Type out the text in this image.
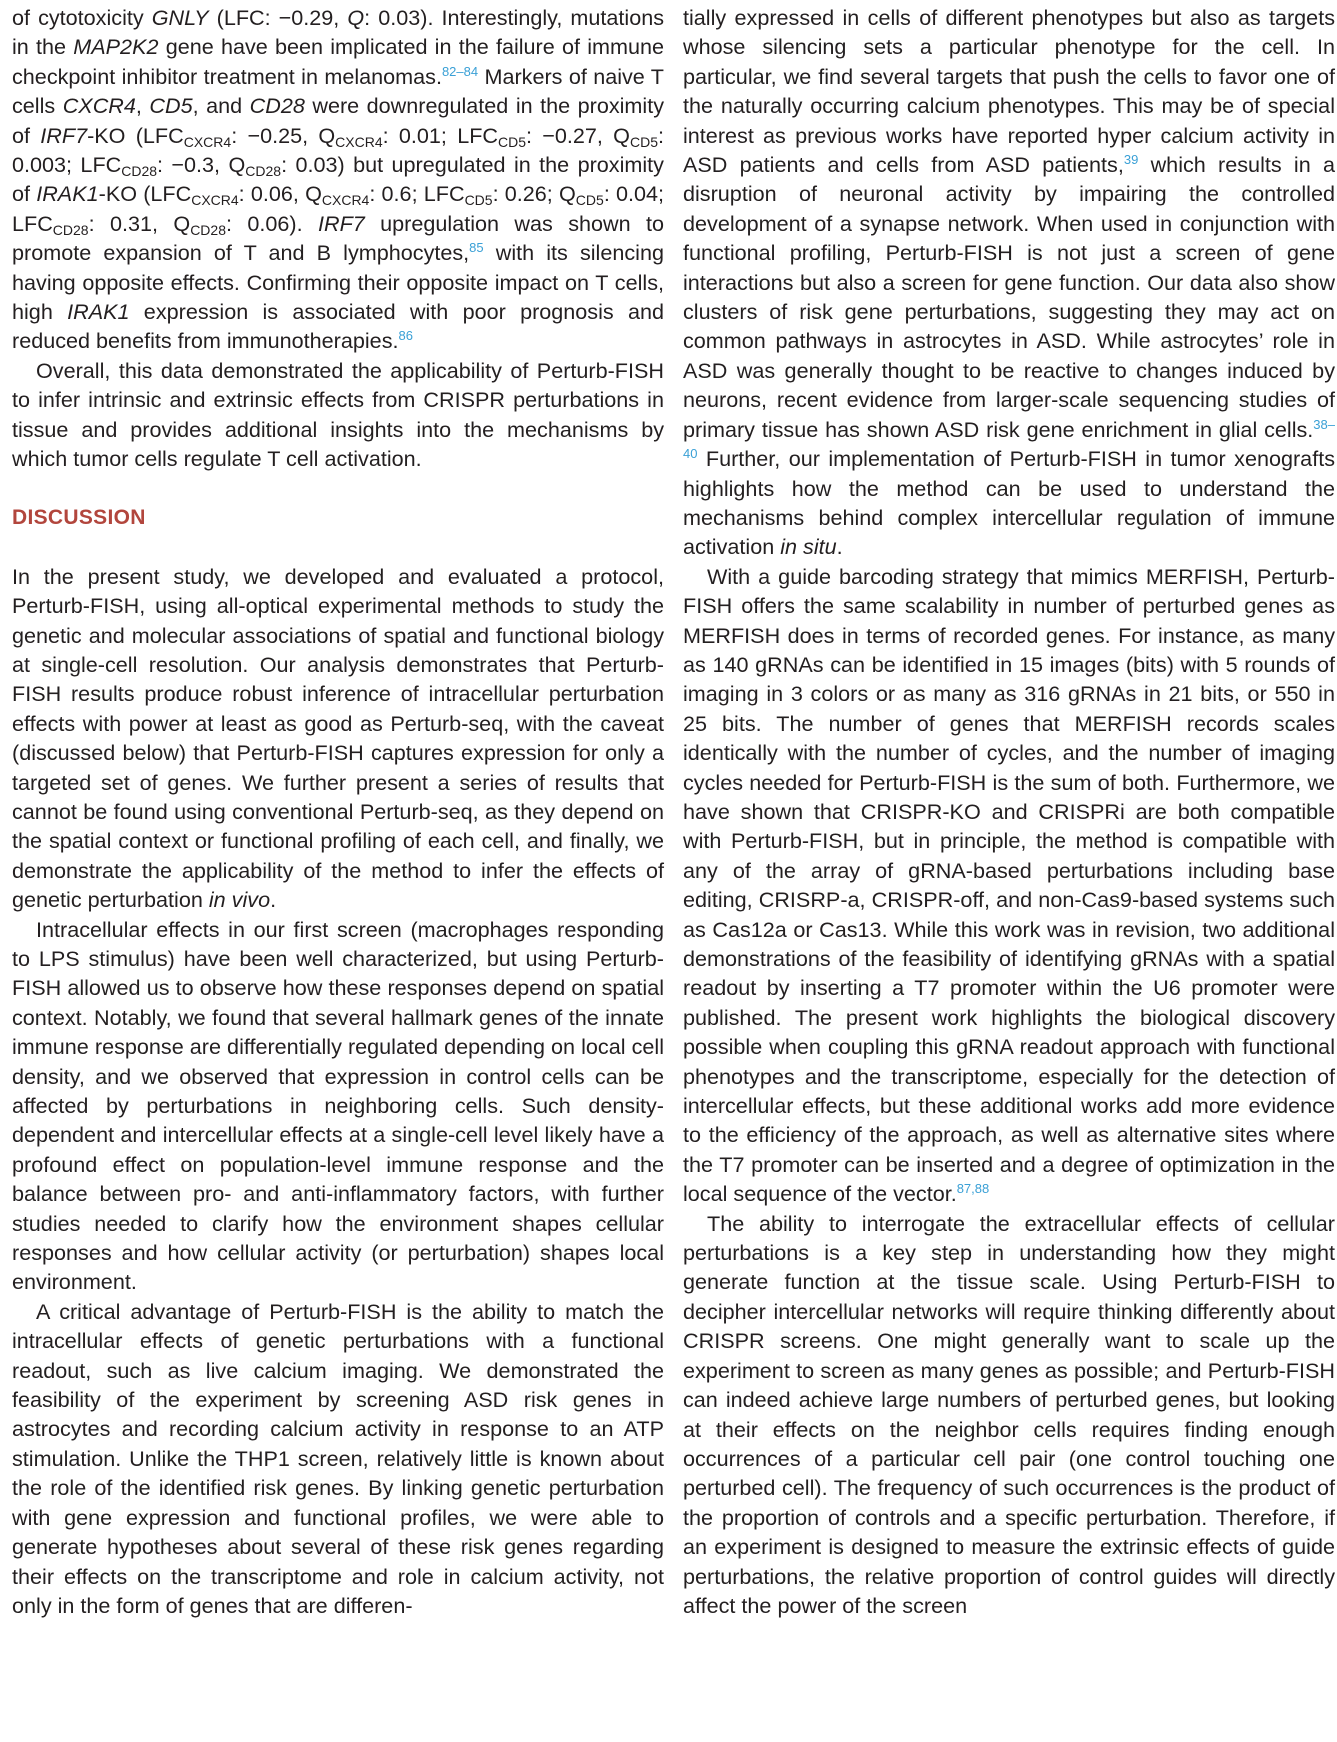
of cytotoxicity GNLY (LFC: −0.29, Q: 0.03). Interestingly, mutations in the MAP2K2 gene have been implicated in the failure of immune checkpoint inhibitor treatment in melanomas.$^{82-84}$ Markers of naive T cells CXCR4, CD5, and CD28 were downregulated in the proximity of IRF7-KO ($LFC_{CXCR4}$: −0.25, $Q_{CXCR4}$: 0.01; $LFC_{CD5}$: −0.27, $Q_{CD5}$: 0.003; $LFC_{CD28}$: −0.3, $Q_{CD28}$: 0.03) but upregulated in the proximity of IRAK1-KO ($LFC_{CXCR4}$: 0.06, $Q_{CXCR4}$: 0.6; $LFC_{CD5}$: 0.26; $Q_{CD5}$: 0.04; $LFC_{CD28}$: 0.31, $Q_{CD28}$: 0.06). IRF7 upregulation was shown to promote expansion of T and B lymphocytes,$^{85}$ with its silencing having opposite effects. Confirming their opposite impact on T cells, high IRAK1 expression is associated with poor prognosis and reduced benefits from immunotherapies.$^{86}$

Overall, this data demonstrated the applicability of Perturb-FISH to infer intrinsic and extrinsic effects from CRISPR perturbations in tissue and provides additional insights into the mechanisms by which tumor cells regulate T cell activation.

DISCUSSION

In the present study, we developed and evaluated a protocol, Perturb-FISH, using all-optical experimental methods to study the genetic and molecular associations of spatial and functional biology at single-cell resolution. Our analysis demonstrates that Perturb-FISH results produce robust inference of intracellular perturbation effects with power at least as good as Perturb-seq, with the caveat (discussed below) that Perturb-FISH captures expression for only a targeted set of genes. We further present a series of results that cannot be found using conventional Perturb-seq, as they depend on the spatial context or functional profiling of each cell, and finally, we demonstrate the applicability of the method to infer the effects of genetic perturbation in vivo.

Intracellular effects in our first screen (macrophages responding to LPS stimulus) have been well characterized, but using Perturb-FISH allowed us to observe how these responses depend on spatial context. Notably, we found that several hallmark genes of the innate immune response are differentially regulated depending on local cell density, and we observed that expression in control cells can be affected by perturbations in neighboring cells. Such density-dependent and intercellular effects at a single-cell level likely have a profound effect on population-level immune response and the balance between pro- and anti-inflammatory factors, with further studies needed to clarify how the environment shapes cellular responses and how cellular activity (or perturbation) shapes local environment.

A critical advantage of Perturb-FISH is the ability to match the intracellular effects of genetic perturbations with a functional readout, such as live calcium imaging. We demonstrated the feasibility of the experiment by screening ASD risk genes in astrocytes and recording calcium activity in response to an ATP stimulation. Unlike the THP1 screen, relatively little is known about the role of the identified risk genes. By linking genetic perturbation with gene expression and functional profiles, we were able to generate hypotheses about several of these risk genes regarding their effects on the transcriptome and role in calcium activity, not only in the form of genes that are differen-

tially expressed in cells of different phenotypes but also as targets whose silencing sets a particular phenotype for the cell. In particular, we find several targets that push the cells to favor one of the naturally occurring calcium phenotypes. This may be of special interest as previous works have reported hyper calcium activity in ASD patients and cells from ASD patients,$^{39}$ which results in a disruption of neuronal activity by impairing the controlled development of a synapse network. When used in conjunction with functional profiling, Perturb-FISH is not just a screen of gene interactions but also a screen for gene function. Our data also show clusters of risk gene perturbations, suggesting they may act on common pathways in astrocytes in ASD. While astrocytes’ role in ASD was generally thought to be reactive to changes induced by neurons, recent evidence from larger-scale sequencing studies of primary tissue has shown ASD risk gene enrichment in glial cells.$^{38-40}$ Further, our implementation of Perturb-FISH in tumor xenografts highlights how the method can be used to understand the mechanisms behind complex intercellular regulation of immune activation in situ.

With a guide barcoding strategy that mimics MERFISH, Perturb-FISH offers the same scalability in number of perturbed genes as MERFISH does in terms of recorded genes. For instance, as many as 140 gRNAs can be identified in 15 images (bits) with 5 rounds of imaging in 3 colors or as many as 316 gRNAs in 21 bits, or 550 in 25 bits. The number of genes that MERFISH records scales identically with the number of cycles, and the number of imaging cycles needed for Perturb-FISH is the sum of both. Furthermore, we have shown that CRISPR-KO and CRISPRi are both compatible with Perturb-FISH, but in principle, the method is compatible with any of the array of gRNA-based perturbations including base editing, CRISRP-a, CRISPR-off, and non-Cas9-based systems such as Cas12a or Cas13. While this work was in revision, two additional demonstrations of the feasibility of identifying gRNAs with a spatial readout by inserting a T7 promoter within the U6 promoter were published. The present work highlights the biological discovery possible when coupling this gRNA readout approach with functional phenotypes and the transcriptome, especially for the detection of intercellular effects, but these additional works add more evidence to the efficiency of the approach, as well as alternative sites where the T7 promoter can be inserted and a degree of optimization in the local sequence of the vector.$^{87,88}$

The ability to interrogate the extracellular effects of cellular perturbations is a key step in understanding how they might generate function at the tissue scale. Using Perturb-FISH to decipher intercellular networks will require thinking differently about CRISPR screens. One might generally want to scale up the experiment to screen as many genes as possible; and Perturb-FISH can indeed achieve large numbers of perturbed genes, but looking at their effects on the neighbor cells requires finding enough occurrences of a particular cell pair (one control touching one perturbed cell). The frequency of such occurrences is the product of the proportion of controls and a specific perturbation. Therefore, if an experiment is designed to measure the extrinsic effects of guide perturbations, the relative proportion of control guides will directly affect the power of the screen
